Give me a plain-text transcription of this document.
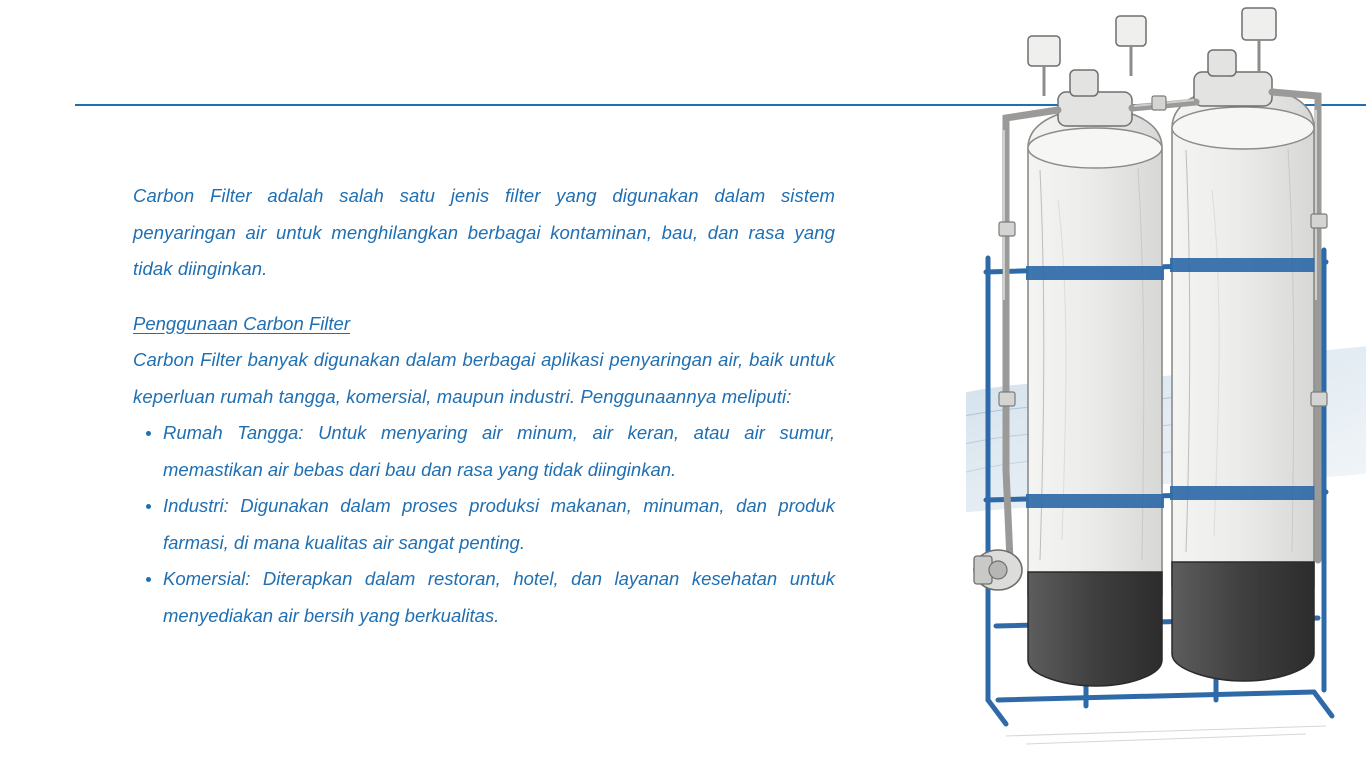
Carbon Filter adalah salah satu jenis filter yang digunakan dalam sistem penyaringan air untuk menghilangkan berbagai kontaminan, bau, dan rasa yang tidak diinginkan.

Penggunaan Carbon Filter

Carbon Filter banyak digunakan dalam berbagai aplikasi penyaringan air, baik untuk keperluan rumah tangga, komersial, maupun industri. Penggunaannya meliputi:

Rumah Tangga: Untuk menyaring air minum, air keran, atau air sumur, memastikan air bebas dari bau dan rasa yang tidak diinginkan.
Industri: Digunakan dalam proses produksi makanan, minuman, dan produk farmasi, di mana kualitas air sangat penting.
Komersial: Diterapkan dalam restoran, hotel, dan layanan kesehatan untuk menyediakan air bersih yang berkualitas.
